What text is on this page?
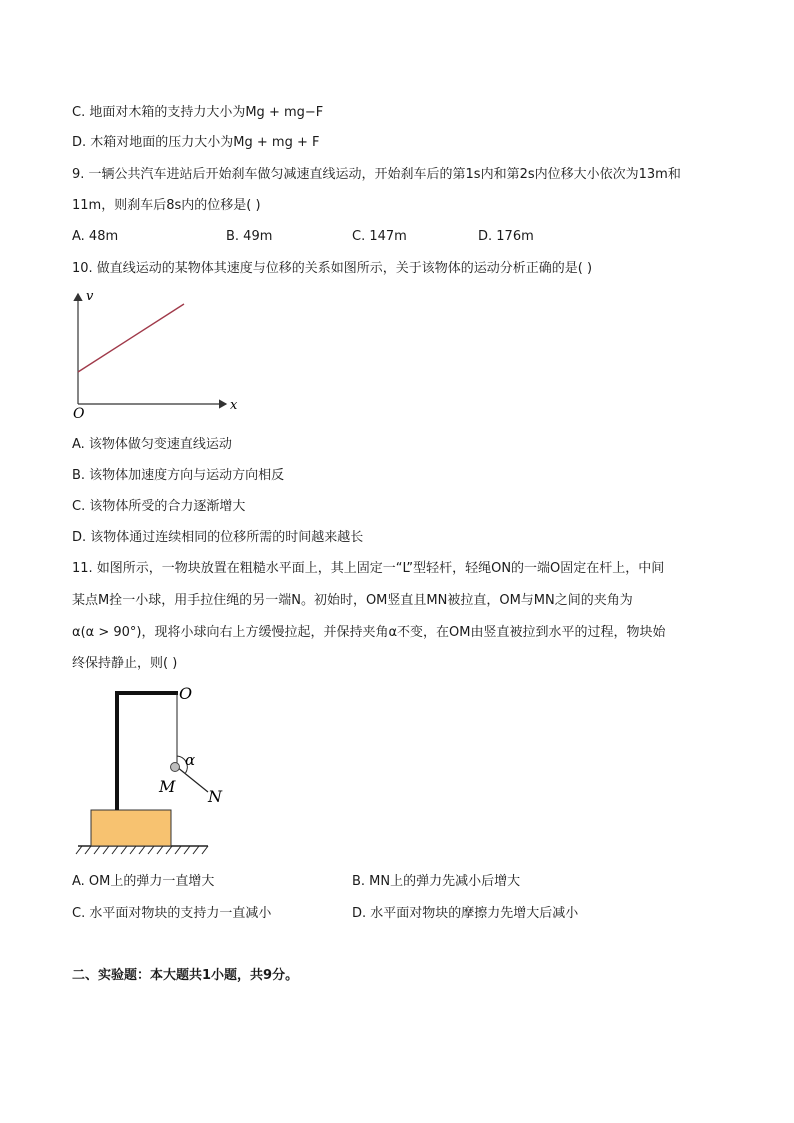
C. 地面对木箱的支持力大小为Mg + mg−F
D. 木箱对地面的压力大小为Mg + mg + F
9. 一辆公共汽车进站后开始刹车做匀减速直线运动，开始刹车后的第1s内和第2s内位移大小依次为13m和
11m，则刹车后8s内的位移是( )
A. 48m	B. 49m	C. 147m	D. 176m
10. 做直线运动的某物体其速度与位移的关系如图所示，关于该物体的运动分析正确的是( )
v
x
O
A. 该物体做匀变速直线运动
B. 该物体加速度方向与运动方向相反
C. 该物体所受的合力逐渐增大
D. 该物体通过连续相同的位移所需的时间越来越长
11. 如图所示，一物块放置在粗糙水平面上，其上固定一“L”型轻杆，轻绳ON的一端O固定在杆上，中间
某点M拴一小球，用手拉住绳的另一端N。初始时，OM竖直且MN被拉直，OM与MN之间的夹角为
α(α > 90°)，现将小球向右上方缓慢拉起，并保持夹角α不变，在OM由竖直被拉到水平的过程，物块始
终保持静止，则( )
O
α
M
N
A. OM上的弹力一直增大	B. MN上的弹力先减小后增大
C. 水平面对物块的支持力一直减小	D. 水平面对物块的摩擦力先增大后减小
二、实验题：本大题共1小题，共9分。
